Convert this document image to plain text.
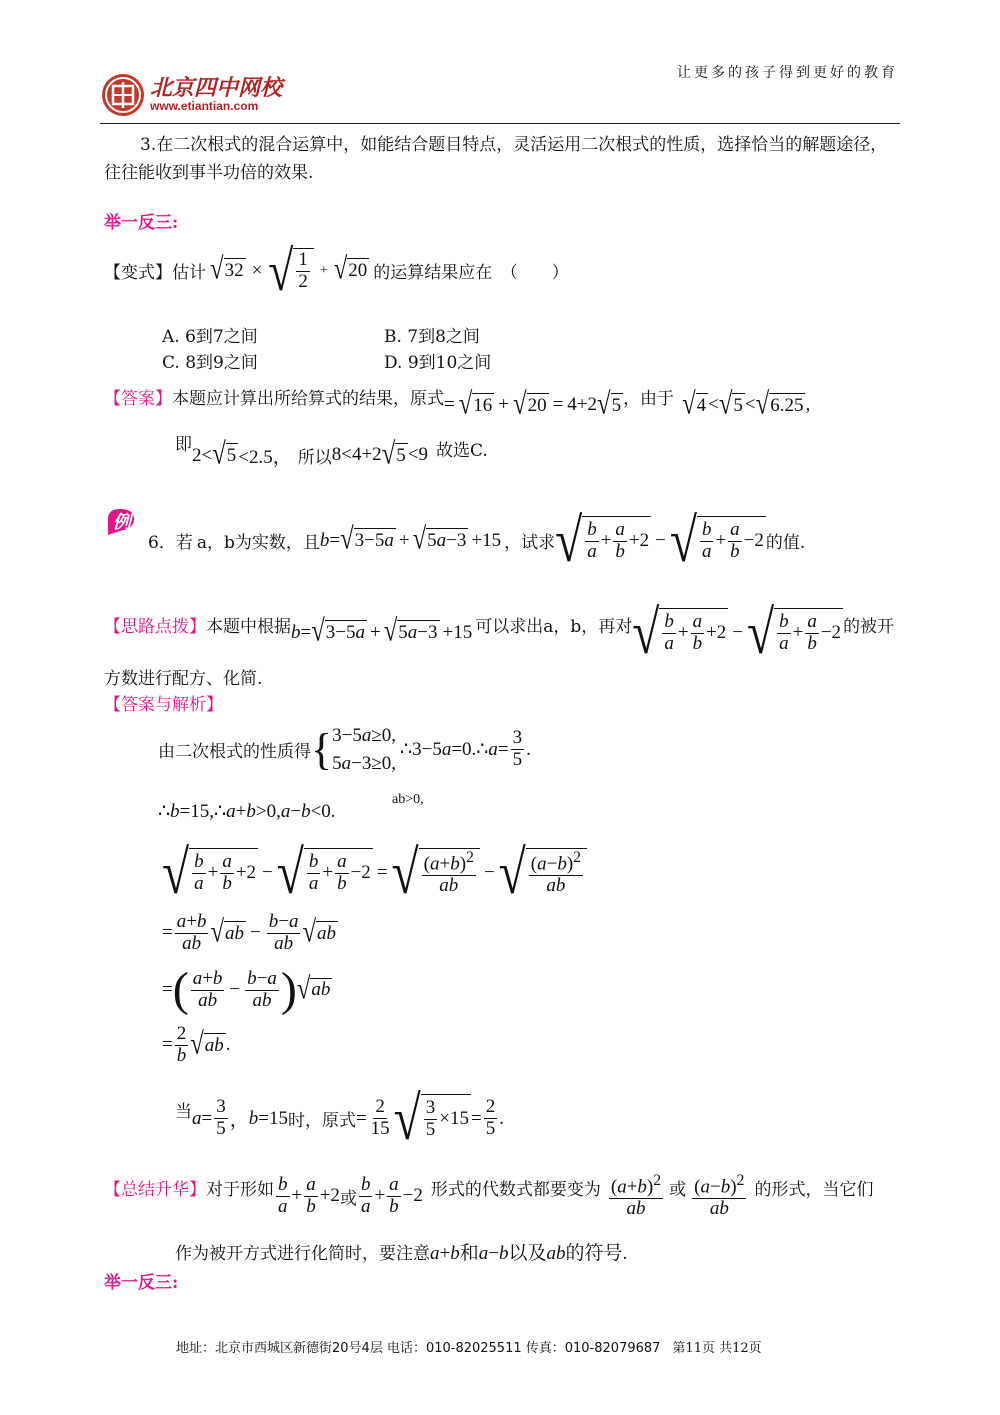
北京四中网校
www.etiantian.com
让更多的孩子得到更好的教育
3.在二次根式的混合运算中，如能结合题目特点，灵活运用二次根式的性质，选择恰当的解题途径，
往往能收到事半功倍的效果.
举一反三:
【变式】 估计 √ 32 × √ $\frac{1}{2}$ + √ 20 的运算结果应在　（　　）
A. 6到7之间	B. 7到8之间
C. 8到9之间	D. 9到10之间
【答案】 本题应计算出所给算式的结果，原式 = √ 16 + √ 20 = 4+2 √ 5 ，由于 √ 4 < √ 5 < √ 6.25 ,
即 2< √ 5 <2.5， 所以 8<4+2 √ 5 <9 故选C.
例
6．若 a，b为实数，且 b = √ 3−5 a + √ 5 a −3 +15 ，试求 √ $\frac{b}{a} + \frac{a}{b} +2$ − √ $\frac{b}{a} + \frac{a}{b} -2$ 的值.
【思路点拨】 本题中根据 b = √ 3−5 a + √ 5 a −3 +15 可以求出 a，b，再对 √ $\frac{b}{a} + \frac{a}{b} +2$ − √ $\frac{b}{a} + \frac{a}{b} -2$ 的被开
方数进行配方、化简.
【答案与解析】
由二次根式的性质得 { 3−5a≥0,
5a−3≥0,
∴3−5a=0.∴a= $\frac{3}{5}$ .
∴b=15,∴a+b>0,a−b<0.
ab>0,
√ $\frac{b}{a} + \frac{a}{b} +2$ − √ $\frac{b}{a} + \frac{a}{b} -2$ = √ $\frac{(a+b)^2}{ab}$ − √ $\frac{(a-b)^2}{ab}$
= $\frac{a+b}{ab}$ √ ab − $\frac{b-a}{ab}$ √ ab
= ( $\frac{a+b}{ab} - \frac{b-a}{ab}$ ) √ ab
= $\frac{2}{b}$ √ ab .
当 $a = \frac{3}{5}$ ， b =15 时，原式 = $\frac{2}{15}$ √ $\frac{3}{5} \times 15 = \frac{2}{5}$ .
【总结升华】 对于形如 $\frac{b}{a} + \frac{a}{b} +2$ 或 $\frac{b}{a} + \frac{a}{b} -2$ 形式的代数式都要变为 $\frac{(a+b)^2}{ab}$ 或 $\frac{(a-b)^2}{ab}$ 的形式，当它们
作为被开方式进行化简时，要注意 a+b和a−b以及ab的符号.
举一反三:
地址：北京市西城区新德街20号4层 电话：010-82025511 传真：010-82079687 第11页 共12页
